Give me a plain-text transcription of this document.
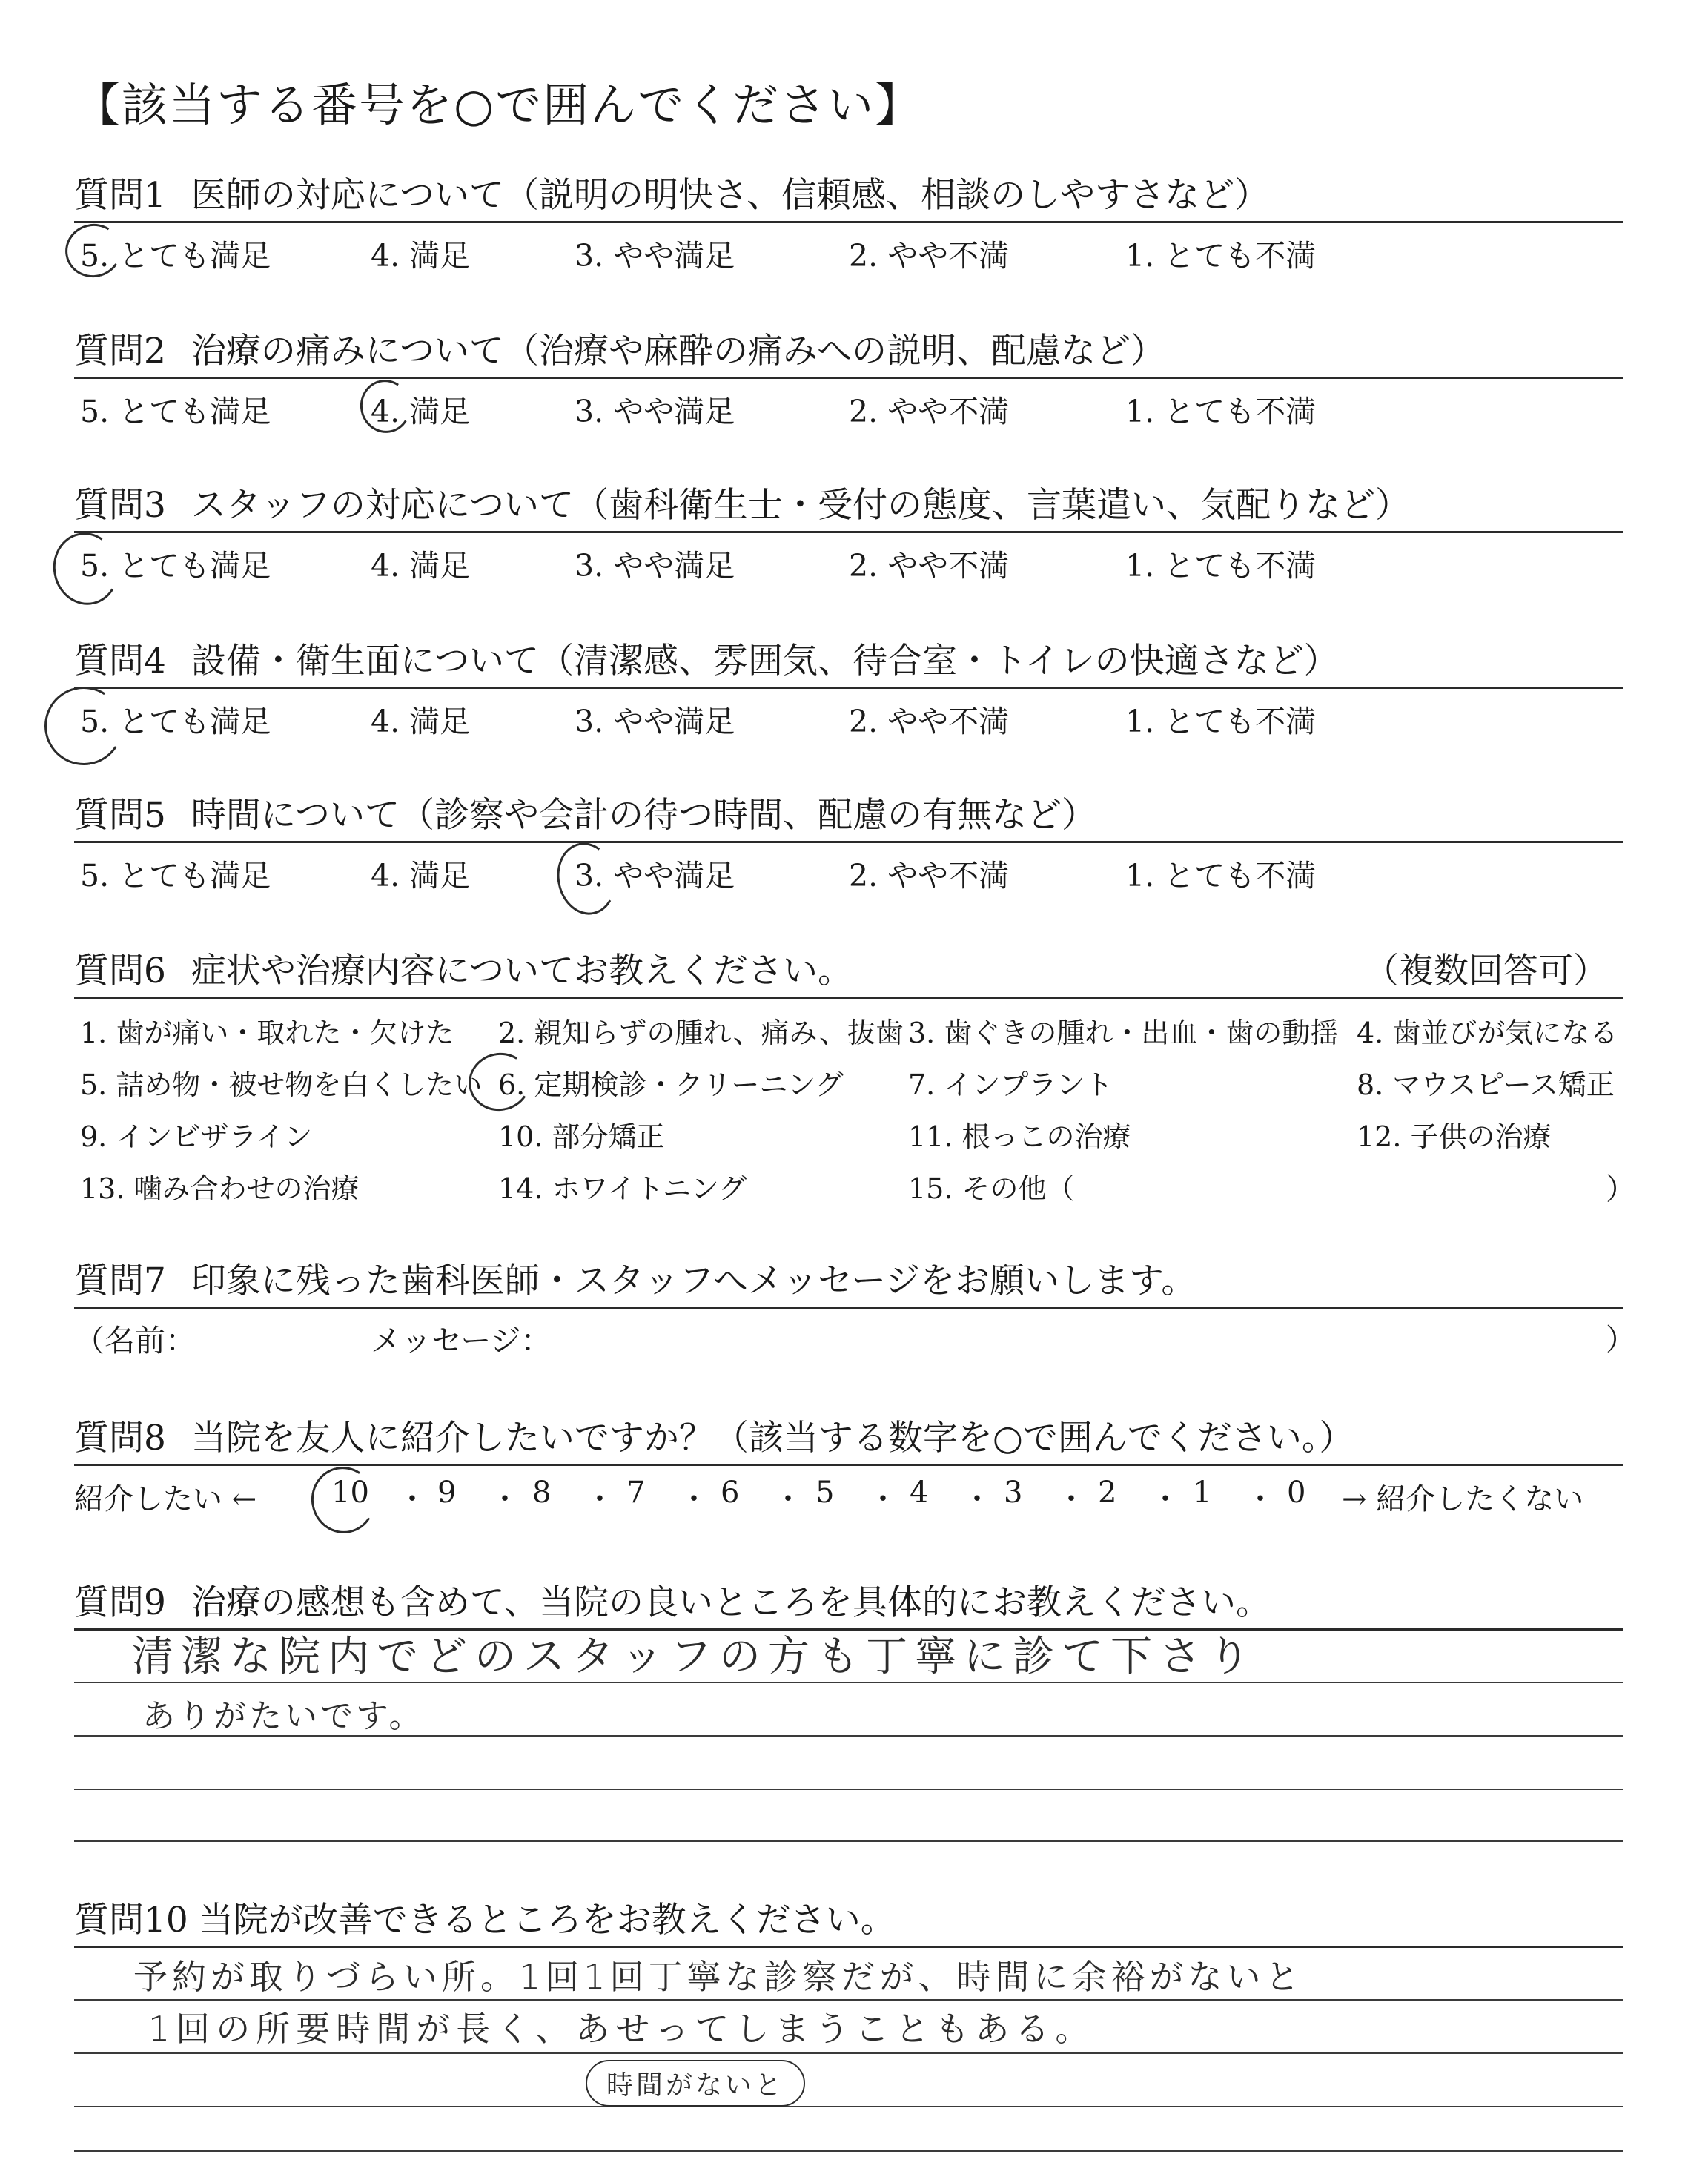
【該当する番号を○で囲んでください】
質問1 医師の対応について（説明の明快さ、信頼感、相談のしやすさなど）
5. とても満足	4. 満足	3. やや満足	2. やや不満	1. とても不満
質問2 治療の痛みについて（治療や麻酔の痛みへの説明、配慮など）
5. とても満足	4. 満足	3. やや満足	2. やや不満	1. とても不満
質問3 スタッフの対応について（歯科衛生士・受付の態度、言葉遣い、気配りなど）
5. とても満足	4. 満足	3. やや満足	2. やや不満	1. とても不満
質問4 設備・衛生面について（清潔感、雰囲気、待合室・トイレの快適さなど）
5. とても満足	4. 満足	3. やや満足	2. やや不満	1. とても不満
質問5 時間について（診察や会計の待つ時間、配慮の有無など）
5. とても満足	4. 満足	3. やや満足	2. やや不満	1. とても不満
質問6 症状や治療内容についてお教えください。	（複数回答可）
1. 歯が痛い・取れた・欠けた 2. 親知らずの腫れ、痛み、抜歯 3. 歯ぐきの腫れ・出血・歯の動揺 4. 歯並びが気になる
5. 詰め物・被せ物を白くしたい 6. 定期検診・クリーニング 7. インプラント	8. マウスピース矯正
9. インビザライン	10. 部分矯正	11. 根っこの治療	12. 子供の治療
13. 噛み合わせの治療	14. ホワイトニング	15. その他（	）
質問7 印象に残った歯科医師・スタッフへメッセージをお願いします。
（名前：	メッセージ：	）
質問8 当院を友人に紹介したいですか？（該当する数字を○で囲んでください。）
紹介したい ←	→ 紹介したくない
10 ・ 9 ・ 8 ・ 7 ・ 6 ・ 5 ・ 4 ・ 3 ・ 2 ・ 1 ・ 0
質問9 治療の感想も含めて、当院の良いところを具体的にお教えください。
清潔な院内でどのスタッフの方も丁寧に診て下さり
ありがたいです。
質問10 当院が改善できるところをお教えください。
予約が取りづらい所。1回1回丁寧な診察だが、時間に余裕がないと
1回の所要時間が長く、あせってしまうこともある。
時間がないと
